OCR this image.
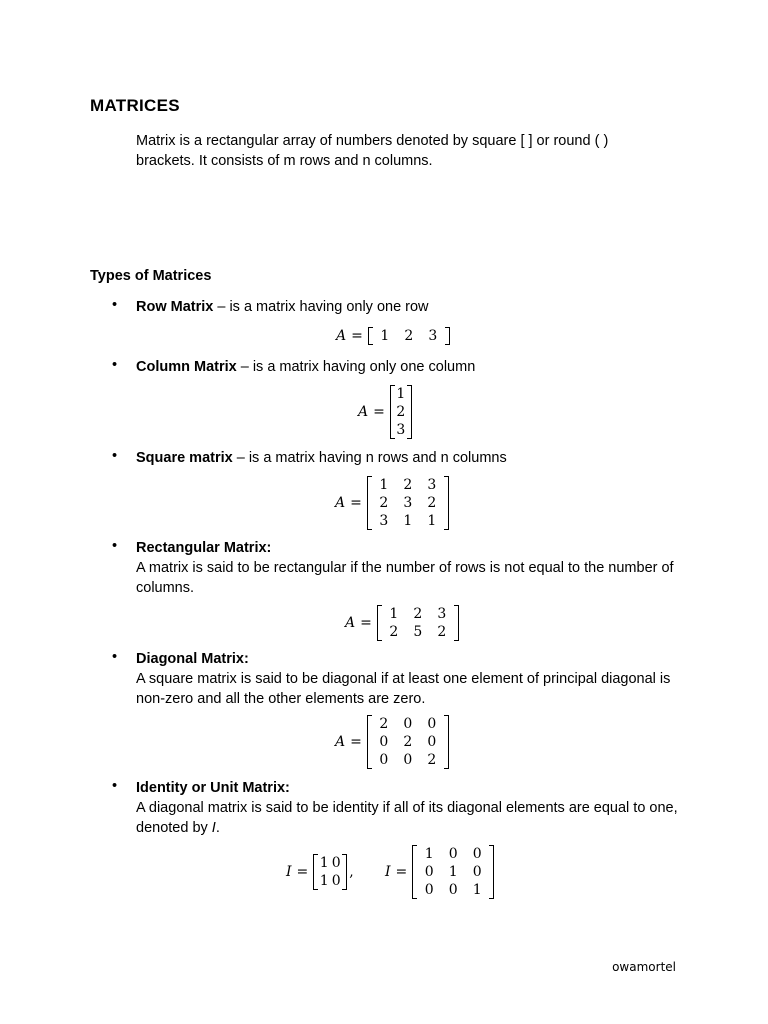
MATRICES
Matrix is a rectangular array of numbers denoted by square [ ] or round ( ) brackets. It consists of m rows and n columns.
Types of Matrices
• Row Matrix – is a matrix having only one row
A =	1	2	3
• Column Matrix – is a matrix having only one column
A =
1
2
3
• Square matrix – is a matrix having n rows and n columns
A =
1	2	3
2	3	2
3	1	1
• Rectangular Matrix:
A matrix is said to be rectangular if the number of rows is not equal to the number of columns.
A =
1	2	3
2	5	2
• Diagonal Matrix:
A square matrix is said to be diagonal if at least one element of principal diagonal is non-zero and all the other elements are zero.
A =
2	0	0
0	2	0
0	0	2
• Identity or Unit Matrix:
A diagonal matrix is said to be identity if all of its diagonal elements are equal to one, denoted by I.
I =
1 0
1 0
, I =
1	0	0
0	1	0
0	0	1
owamortel
